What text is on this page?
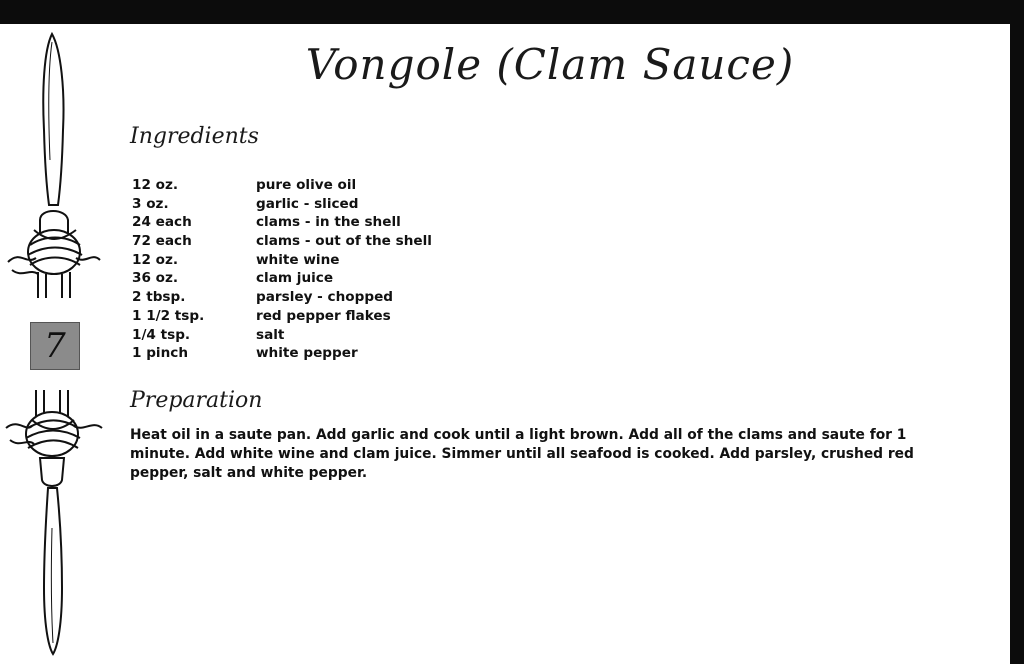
7
Vongole (Clam Sauce)
Ingredients
12 oz.	pure olive oil
3 oz.	garlic - sliced
24 each	clams - in the shell
72 each	clams - out of the shell
12 oz.	white wine
36 oz.	clam juice
2 tbsp.	parsley - chopped
1 1/2 tsp.	red pepper flakes
1/4 tsp.	salt
1 pinch	white pepper
Preparation
Heat oil in a saute pan. Add garlic and cook until a light brown. Add all of the clams and saute for 1 minute. Add white wine and clam juice. Simmer until all seafood is cooked. Add parsley, crushed red pepper, salt and white pepper.
